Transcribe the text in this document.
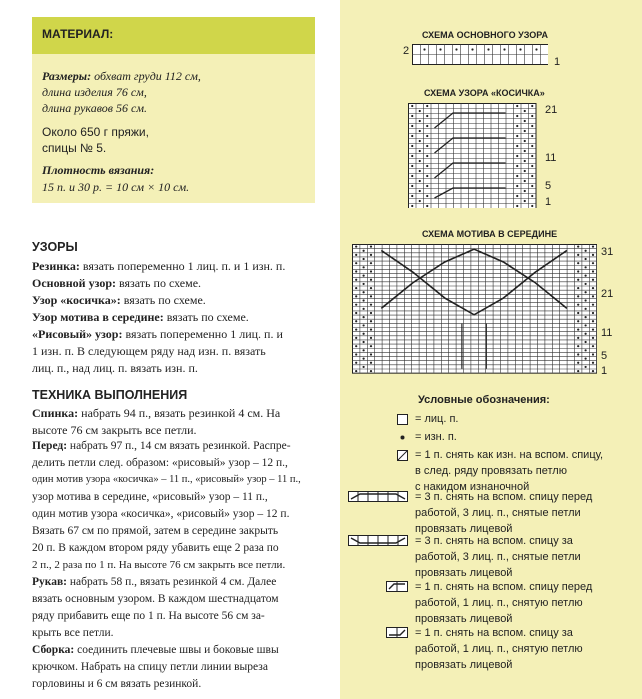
МАТЕРИАЛ:
Размеры: обхват груди 112 см,
длина изделия 76 см,
длина рукавов 56 см.
Около 650 г пряжи,
спицы № 5.
Плотность вязания:
15 п. и 30 р. = 10 см × 10 см.
УЗОРЫ
Резинка: вязать попеременно 1 лиц. п. и 1 изн. п.
Основной узор: вязать по схеме.
Узор «косичка»: вязать по схеме.
Узор мотива в середине: вязать по схеме.
«Рисовый» узор: вязать попеременно 1 лиц. п. и
1 изн. п. В следующем ряду над изн. п. вязать
лиц. п., над лиц. п. вязать изн. п.
ТЕХНИКА ВЫПОЛНЕНИЯ
Спинка: набрать 94 п., вязать резинкой 4 см. На
высоте 76 см закрыть все петли.
Перед: набрать 97 п., 14 см вязать резинкой. Распре-
делить петли след. образом: «рисовый» узор – 12 п.,
один мотив узора «косичка» – 11 п., «рисовый» узор – 11 п.,
узор мотива в середине, «рисовый» узор – 11 п.,
один мотив узора «косичка», «рисовый» узор – 12 п.
Вязать 67 см по прямой, затем в середине закрыть
20 п. В каждом втором ряду убавить еще 2 раза по
2 п., 2 раза по 1 п. На высоте 76 см закрыть все петли.
Рукав: набрать 58 п., вязать резинкой 4 см. Далее
вязать основным узором. В каждом шестнадцатом
ряду прибавить еще по 1 п. На высоте 56 см за-
крыть все петли.
Сборка: соединить плечевые швы и боковые швы
крючком. Набрать на спицу петли линии выреза
горловины и 6 см вязать резинкой.
СХЕМА ОСНОВНОГО УЗОРА
2
1
СХЕМА УЗОРА «КОСИЧКА»
21
11
5
1
СХЕМА МОТИВА В СЕРЕДИНЕ
31
21
11
5
1
Условные обозначения:
= лиц. п.
= изн. п.
= 1 п. снять как изн. на вспом. спицу,
в след. ряду провязать петлю
с накидом изнаночной
= 3 п. снять на вспом. спицу перед
работой, 3 лиц. п., снятые петли
провязать лицевой
= 3 п. снять на вспом. спицу за
работой, 3 лиц. п., снятые петли
провязать лицевой
= 1 п. снять на вспом. спицу перед
работой, 1 лиц. п., снятую петлю
провязать лицевой
= 1 п. снять на вспом. спицу за
работой, 1 лиц. п., снятую петлю
провязать лицевой
